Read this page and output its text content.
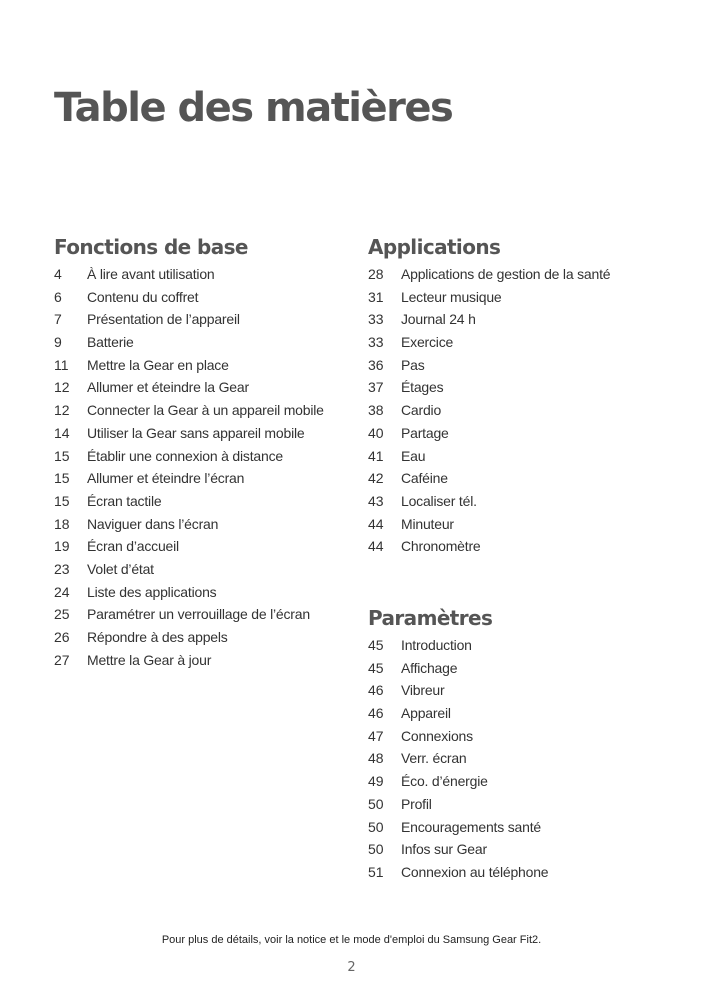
Table des matières
Fonctions de base
4	À lire avant utilisation
6	Contenu du coffret
7	Présentation de l’appareil
9	Batterie
11	Mettre la Gear en place
12	Allumer et éteindre la Gear
12	Connecter la Gear à un appareil mobile
14	Utiliser la Gear sans appareil mobile
15	Établir une connexion à distance
15	Allumer et éteindre l’écran
15	Écran tactile
18	Naviguer dans l’écran
19	Écran d’accueil
23	Volet d’état
24	Liste des applications
25	Paramétrer un verrouillage de l’écran
26	Répondre à des appels
27	Mettre la Gear à jour
Applications
28	Applications de gestion de la santé
31	Lecteur musique
33	Journal 24 h
33	Exercice
36	Pas
37	Étages
38	Cardio
40	Partage
41	Eau
42	Caféine
43	Localiser tél.
44	Minuteur
44	Chronomètre
Paramètres
45	Introduction
45	Affichage
46	Vibreur
46	Appareil
47	Connexions
48	Verr. écran
49	Éco. d’énergie
50	Profil
50	Encouragements santé
50	Infos sur Gear
51	Connexion au téléphone
Pour plus de détails, voir la notice et le mode d'emploi du Samsung Gear Fit2.
2
